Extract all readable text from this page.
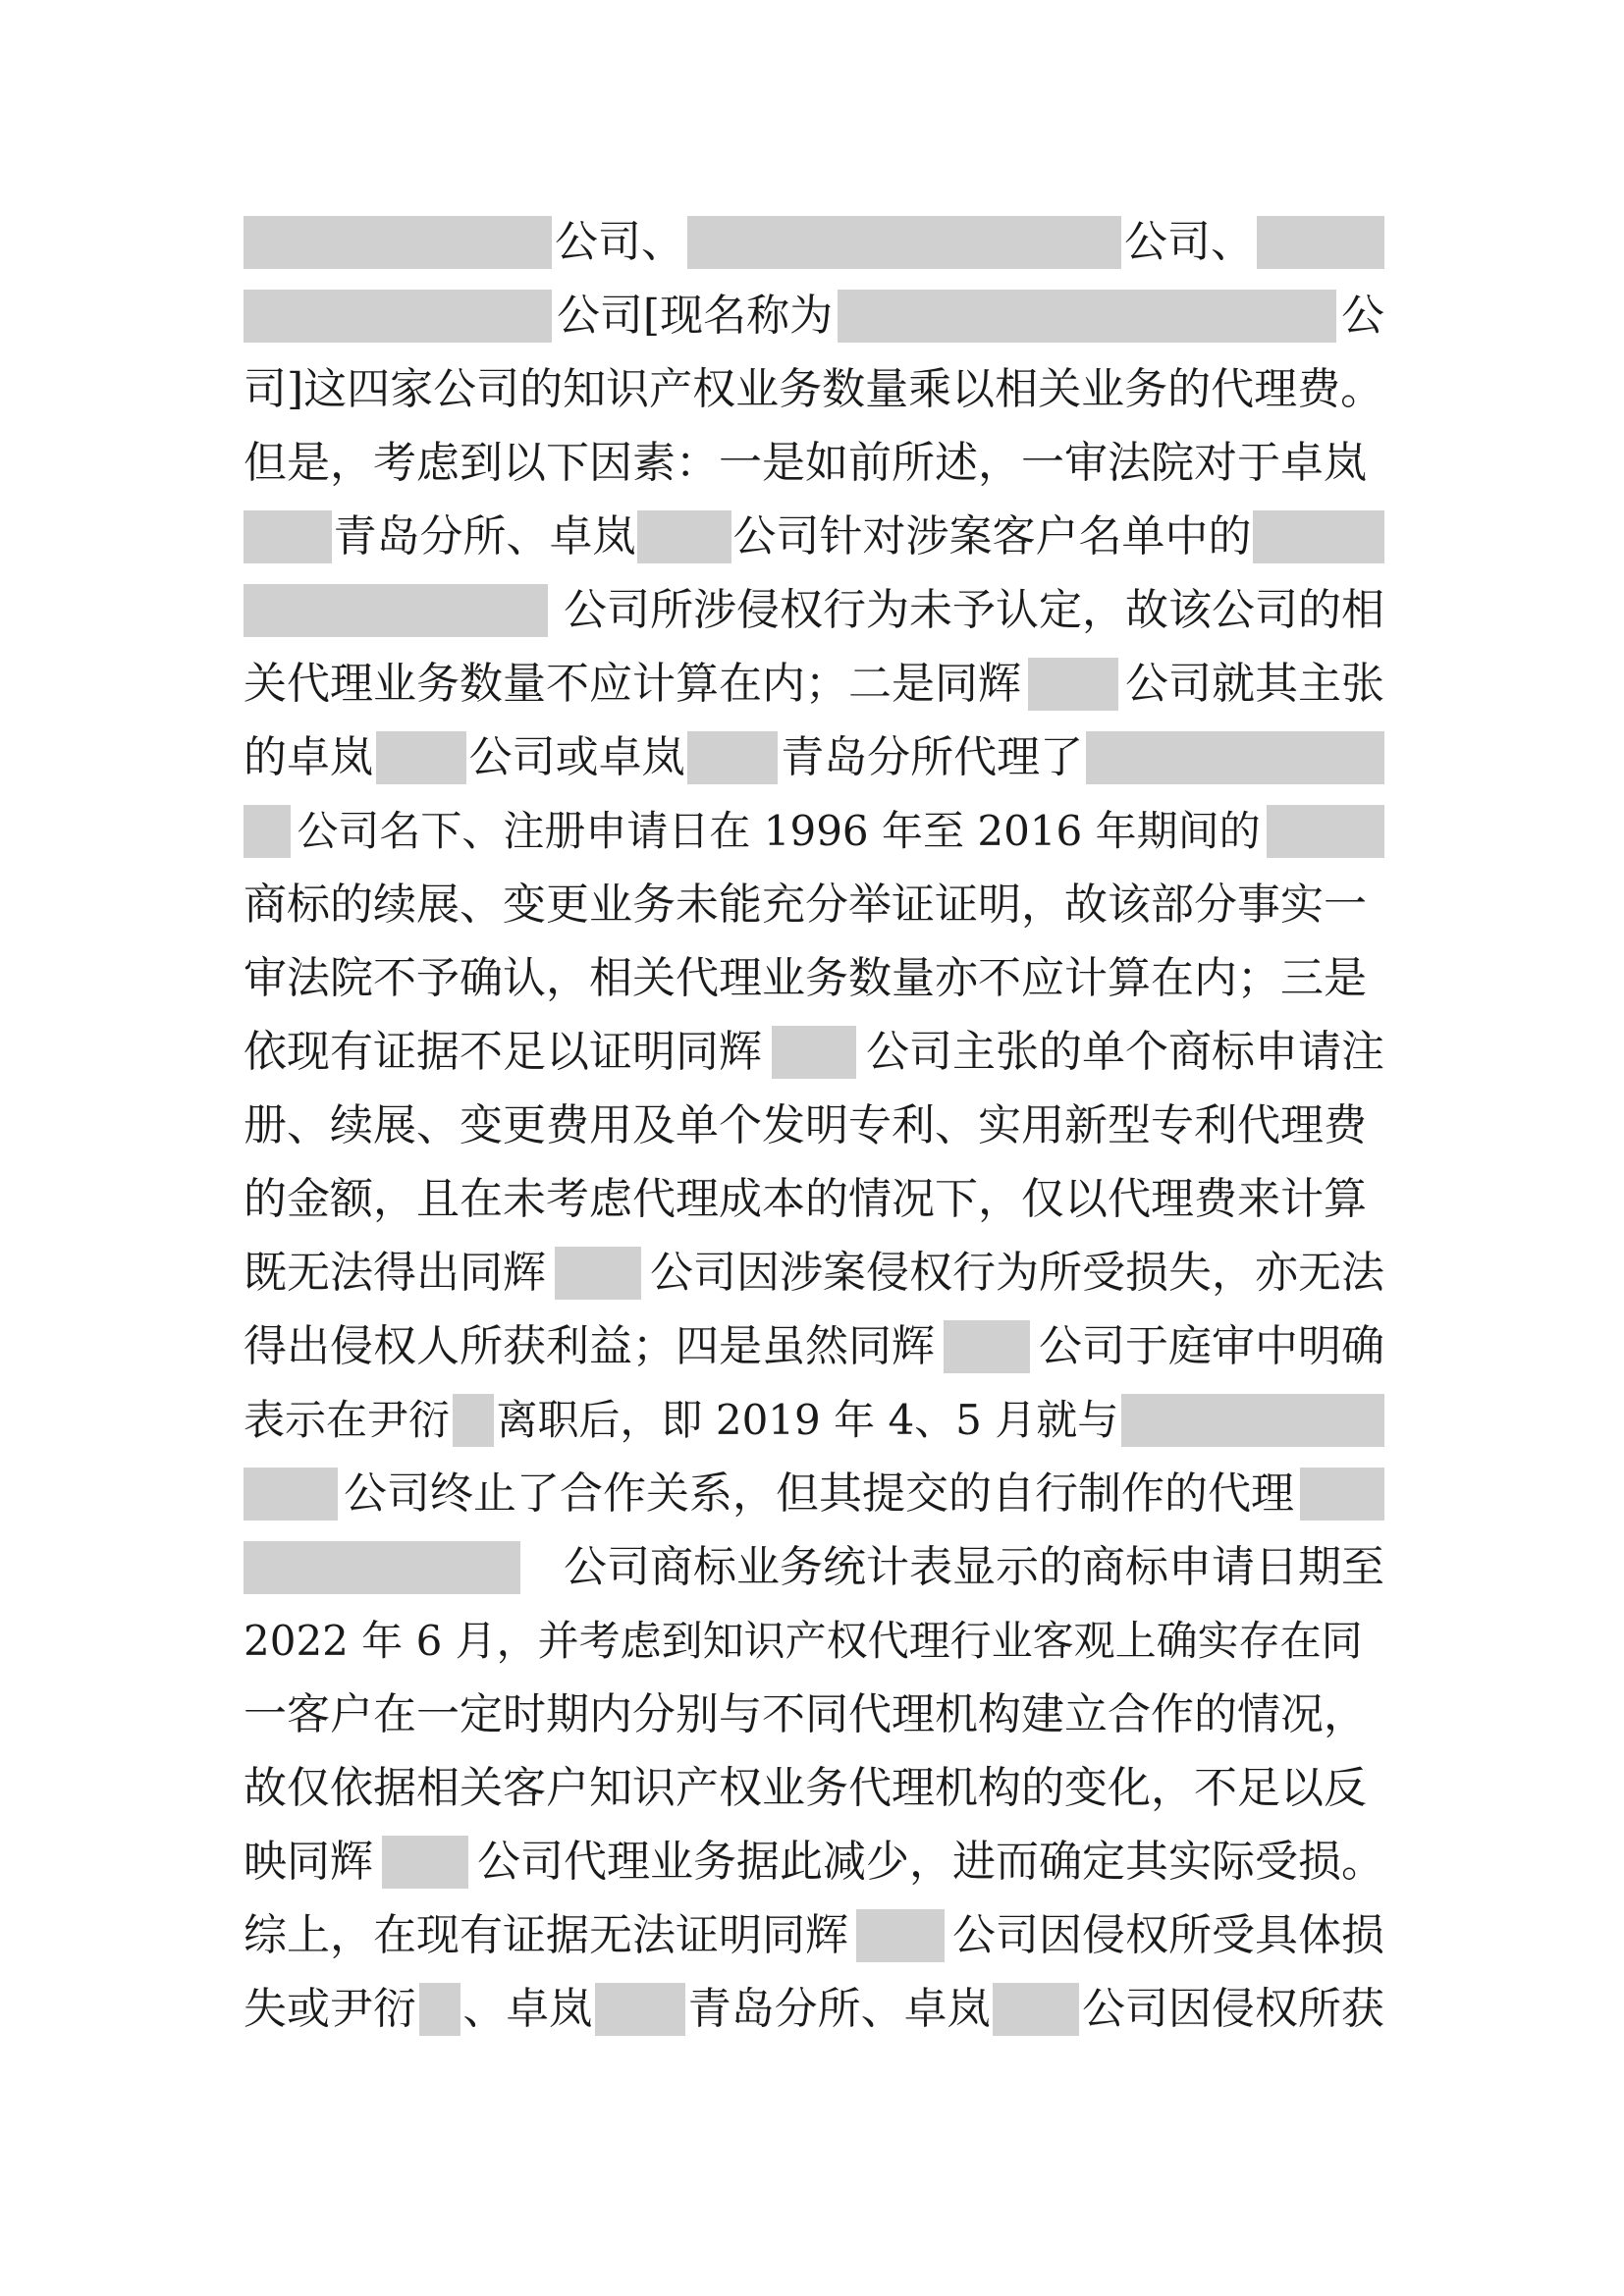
公司、	公司、
公司[现名称为	公
司]这四家公司的知识产权业务数量乘以相关业务的代理费。
但是，考虑到以下因素：一是如前所述，一审法院对于卓岚
青岛分所、卓岚 公司针对涉案客户名单中的
公司所涉侵权行为未予认定，故该公司的相
关代理业务数量不应计算在内；二是同辉 公司就其主张
的卓岚 公司或卓岚 青岛分所代理了
公司名下、注册申请日在 1996 年至 2016 年期间的
商标的续展、变更业务未能充分举证证明，故该部分事实一
审法院不予确认，相关代理业务数量亦不应计算在内；三是
依现有证据不足以证明同辉 公司主张的单个商标申请注
册、续展、变更费用及单个发明专利、实用新型专利代理费
的金额，且在未考虑代理成本的情况下，仅以代理费来计算
既无法得出同辉 公司因涉案侵权行为所受损失，亦无法
得出侵权人所获利益；四是虽然同辉 公司于庭审中明确
表示在尹衍 离职后，即 2019 年 4、5 月就与
公司终止了合作关系，但其提交的自行制作的代理
公司商标业务统计表显示的商标申请日期至
2022 年 6 月，并考虑到知识产权代理行业客观上确实存在同
一客户在一定时期内分别与不同代理机构建立合作的情况，
故仅依据相关客户知识产权业务代理机构的变化，不足以反
映同辉 公司代理业务据此减少，进而确定其实际受损。
综上，在现有证据无法证明同辉 公司因侵权所受具体损
失或尹衍 、卓岚 青岛分所、卓岚 公司因侵权所获
